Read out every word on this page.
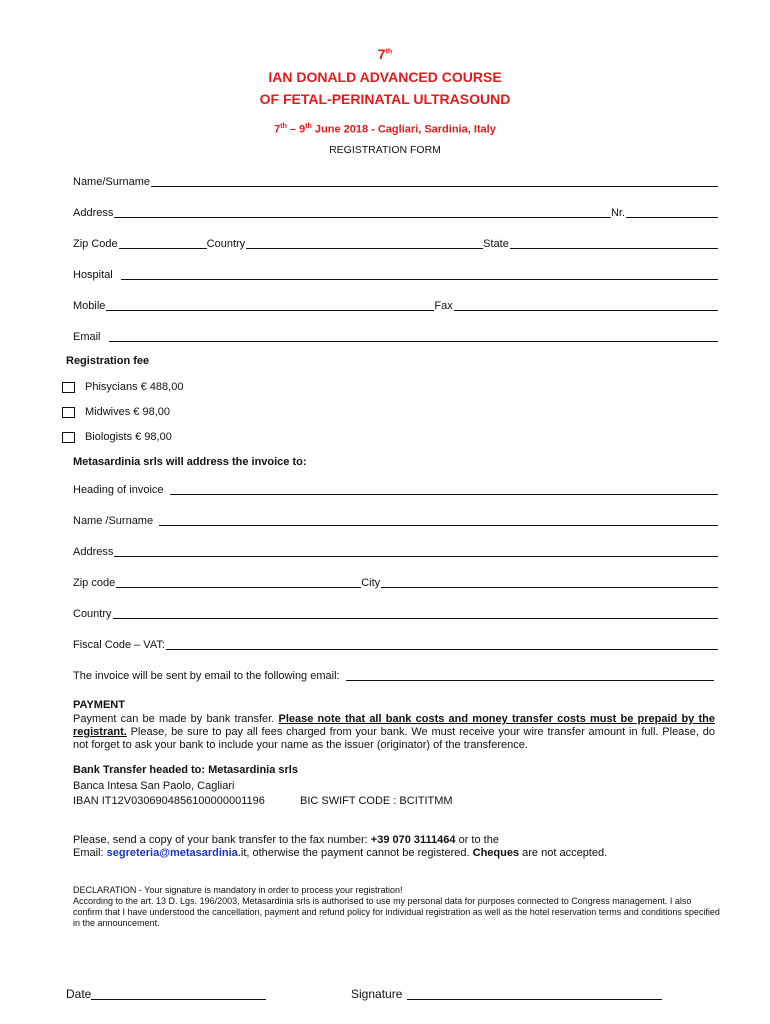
7th
IAN DONALD ADVANCED COURSE
OF FETAL-PERINATAL ULTRASOUND
7th – 9th June 2018 - Cagliari, Sardinia, Italy
REGISTRATION FORM
Name/Surname
Address	Nr.
Zip Code	Country	State
Hospital
Mobile	Fax
Email
Registration fee
Phisycians € 488,00
Midwives € 98,00
Biologists € 98,00
Metasardinia srls will address the invoice to:
Heading of invoice
Name /Surname
Address
Zip code	City
Country
Fiscal Code – VAT:
The invoice will be sent by email to the following email:
PAYMENT
Payment can be made by bank transfer. Please note that all bank costs and money transfer costs must be prepaid by the registrant. Please, be sure to pay all fees charged from your bank. We must receive your wire transfer amount in full. Please, do not forget to ask your bank to include your name as the issuer (originator) of the transference.
Bank Transfer headed to: Metasardinia srls
Banca Intesa San Paolo, Cagliari
IBAN IT12V0306904856100000001196	BIC SWIFT CODE : BCITITMM
Please, send a copy of your bank transfer to the fax number: +39 070 3111464 or to the
Email: segreteria@metasardinia.it, otherwise the payment cannot be registered. Cheques are not accepted.
DECLARATION - Your signature is mandatory in order to process your registration!
According to the art. 13 D. Lgs. 196/2003, Metasardinia srls is authorised to use my personal data for purposes connected to Congress management. I also confirm that I have understood the cancellation, payment and refund policy for individual registration as well as the hotel reservation terms and conditions specified in the announcement.
Date	Signature
